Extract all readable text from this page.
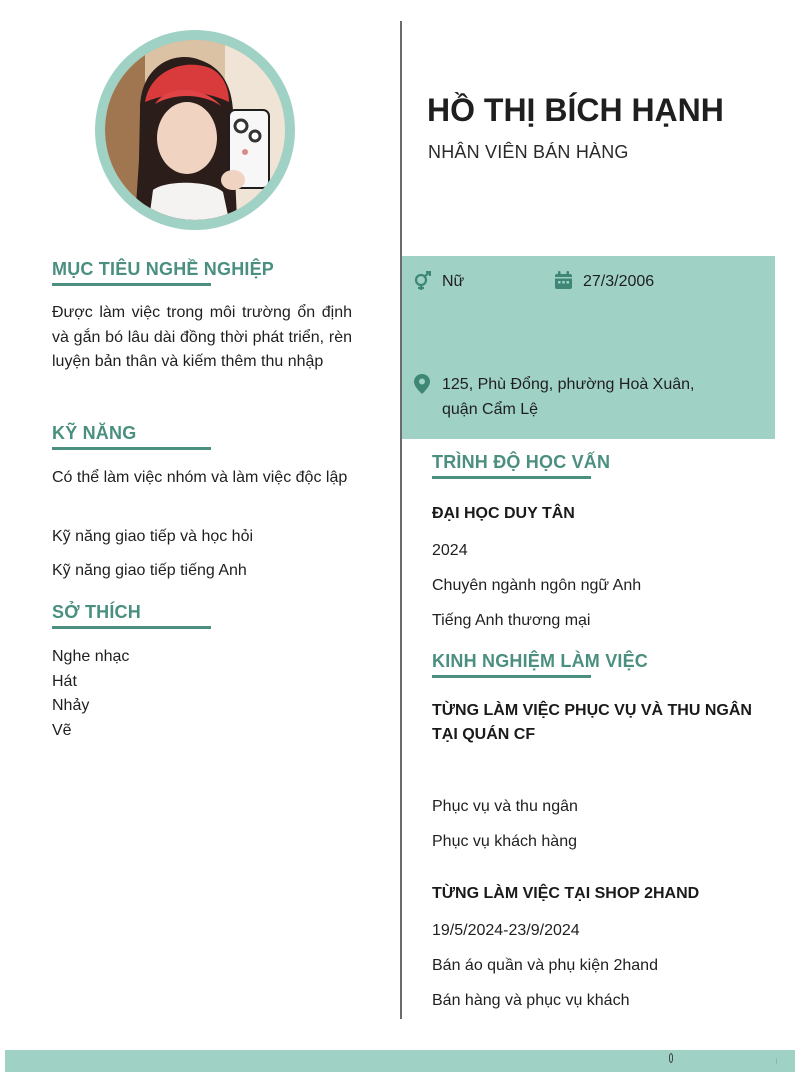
MỤC TIÊU NGHỀ NGHIỆP
Được làm việc trong môi trường ổn định và gắn bó lâu dài đồng thời phát triển, rèn luyện bản thân và kiếm thêm thu nhập
KỸ NĂNG
Có thể làm việc nhóm và làm việc độc lập
Kỹ năng giao tiếp và học hỏi
Kỹ năng giao tiếp tiếng Anh
SỞ THÍCH
Nghe nhạc
Hát
Nhảy
Vẽ
HỒ THỊ BÍCH HẠNH
NHÂN VIÊN BÁN HÀNG
Nữ	27/3/2006
125, Phù Đổng, phường Hoà Xuân,
quận Cẩm Lệ
TRÌNH ĐỘ HỌC VẤN
ĐẠI HỌC DUY TÂN
2024
Chuyên ngành ngôn ngữ Anh
Tiếng Anh thương mại
KINH NGHIỆM LÀM VIỆC
TỪNG LÀM VIỆC PHỤC VỤ VÀ THU NGÂN
TẠI QUÁN CF
Phục vụ và thu ngân
Phục vụ khách hàng
TỪNG LÀM VIỆC TẠI SHOP 2HAND
19/5/2024-23/9/2024
Bán áo quần và phụ kiện 2hand
Bán hàng và phục vụ khách
